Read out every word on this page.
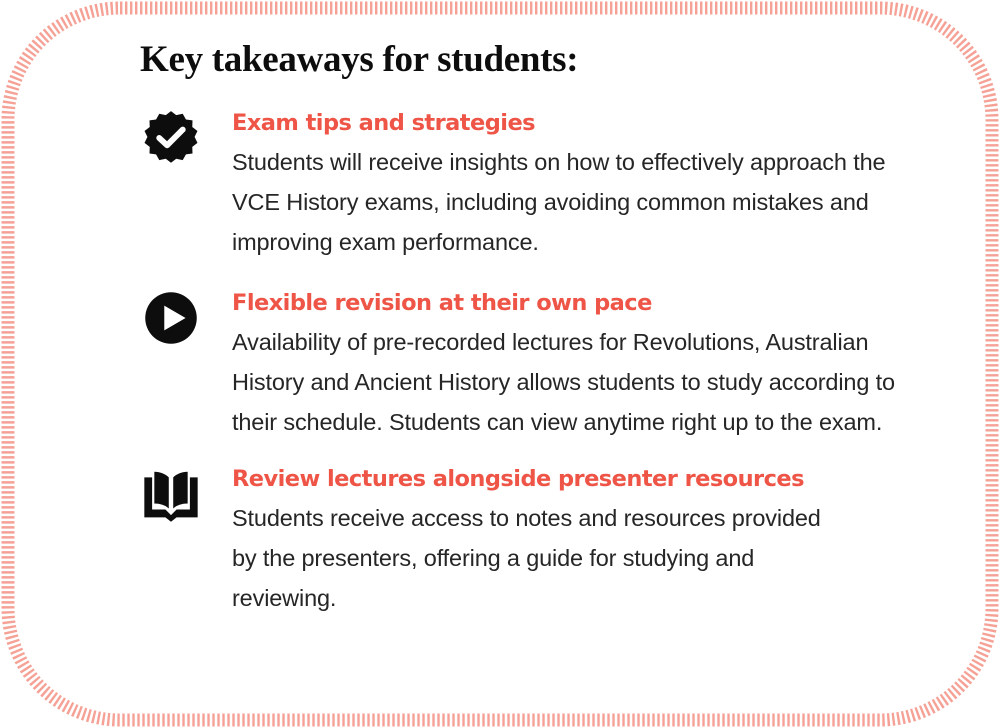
Key takeaways for students:
Exam tips and strategies

Students will receive insights on how to effectively approach the VCE History exams, including avoiding common mistakes and improving exam performance.

Flexible revision at their own pace

Availability of pre-recorded lectures for Revolutions, Australian History and Ancient History allows students to study according to their schedule. Students can view anytime right up to the exam.

Review lectures alongside presenter resources

Students receive access to notes and resources provided by the presenters, offering a guide for studying and reviewing.
